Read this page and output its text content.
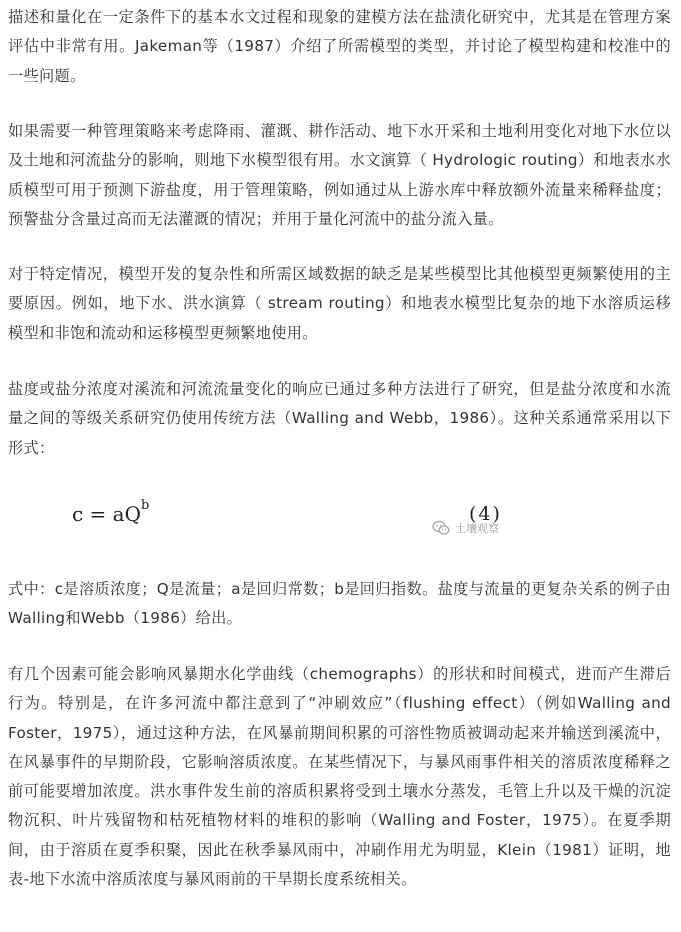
描述和量化在一定条件下的基本水文过程和现象的建模方法在盐渍化研究中，尤其是在管理方案评估中非常有用。Jakeman等（1987）介绍了所需模型的类型，并讨论了模型构建和校准中的一些问题。

如果需要一种管理策略来考虑降雨、灌溉、耕作活动、地下水开采和土地利用变化对地下水位以及土地和河流盐分的影响，则地下水模型很有用。水文演算（ Hydrologic routing）和地表水水质模型可用于预测下游盐度，用于管理策略，例如通过从上游水库中释放额外流量来稀释盐度；预警盐分含量过高而无法灌溉的情况；并用于量化河流中的盐分流入量。

对于特定情况，模型开发的复杂性和所需区域数据的缺乏是某些模型比其他模型更频繁使用的主要原因。例如，地下水、洪水演算（ stream routing）和地表水模型比复杂的地下水溶质运移模型和非饱和流动和运移模型更频繁地使用。

盐度或盐分浓度对溪流和河流流量变化的响应已通过多种方法进行了研究，但是盐分浓度和水流量之间的等级关系研究仍使用传统方法（Walling and Webb，1986）。这种关系通常采用以下形式：

$c = aQ^b$	(4)
土壤观察

式中：c是溶质浓度；Q是流量；a是回归常数；b是回归指数。盐度与流量的更复杂关系的例子由Walling和Webb（1986）给出。

有几个因素可能会影响风暴期水化学曲线（chemographs）的形状和时间模式，进而产生滞后行为。特别是，在许多河流中都注意到了“冲刷效应”（flushing effect）（例如Walling and Foster，1975），通过这种方法，在风暴前期间积累的可溶性物质被调动起来并输送到溪流中，在风暴事件的早期阶段，它影响溶质浓度。在某些情况下，与暴风雨事件相关的溶质浓度稀释之前可能要增加浓度。洪水事件发生前的溶质积累将受到土壤水分蒸发，毛管上升以及干燥的沉淀物沉积、叶片残留物和枯死植物材料的堆积的影响（Walling and Foster，1975）。在夏季期间，由于溶质在夏季积聚，因此在秋季暴风雨中，冲刷作用尤为明显，Klein（1981）证明，地表-地下水流中溶质浓度与暴风雨前的干旱期长度系统相关。
